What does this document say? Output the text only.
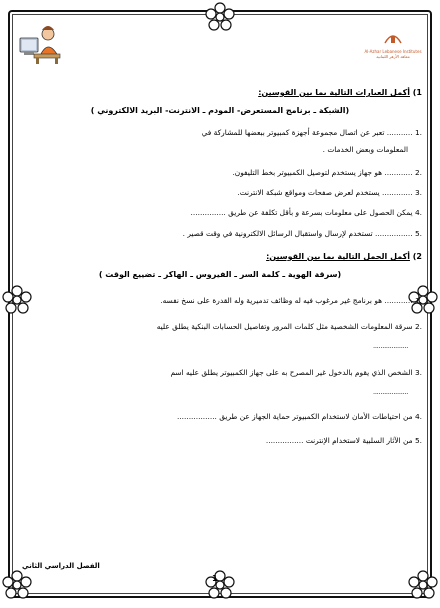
Al-Azhar Lebanese Institutes
معاهد الأزهر اللبنانية
1) أكمل العبارات التالية بما بين القوسين:
(الشبكة ـ برنامج المستعرض- المودم ـ الانترنت- البريد الالكتروني )
.1 ........... تعبر عن اتصال مجموعة أجهزة كمبيوتر ببعضها للمشاركة في
المعلومات وبعض الخدمات .
.2 ............ هو جهاز يستخدم لتوصيل الكمبيوتر بخط التليفون.
.3 ............. يستخدم لعرض صفحات ومواقع شبكة الانترنت.
.4 يمكن الحصول على معلومات بسرعة و بأقل تكلفة عن طريق ...............
.5 ................ تستخدم لإرسال واستقبال الرسائل الالكترونية في وقت قصير .
2) أكمل الجمل التالية بما بين القوسين:
(سرقة الهوية ـ كلمة السر ـ الفيروس ـ الهاكر ـ تضييع الوقت )
.1 ............ هو برنامج غير مرغوب فيه له وظائف تدميرية وله القدرة على نسخ نفسه.
.2 سرقة المعلومات الشخصية مثل كلمات المرور وتفاصيل الحسابات البنكية يطلق عليه
...................
.3 الشخص الذي يقوم بالدخول غير المصرح به على جهاز الكمبيوتر يطلق عليه اسم
...................
.4 من احتياطات الأمان لاستخدام الكمبيوتر حماية الجهاز عن طريق .................
.5 من الآثار السلبية لاستخدام الإنترنت ................
الفصل الدراسي الثاني
1
